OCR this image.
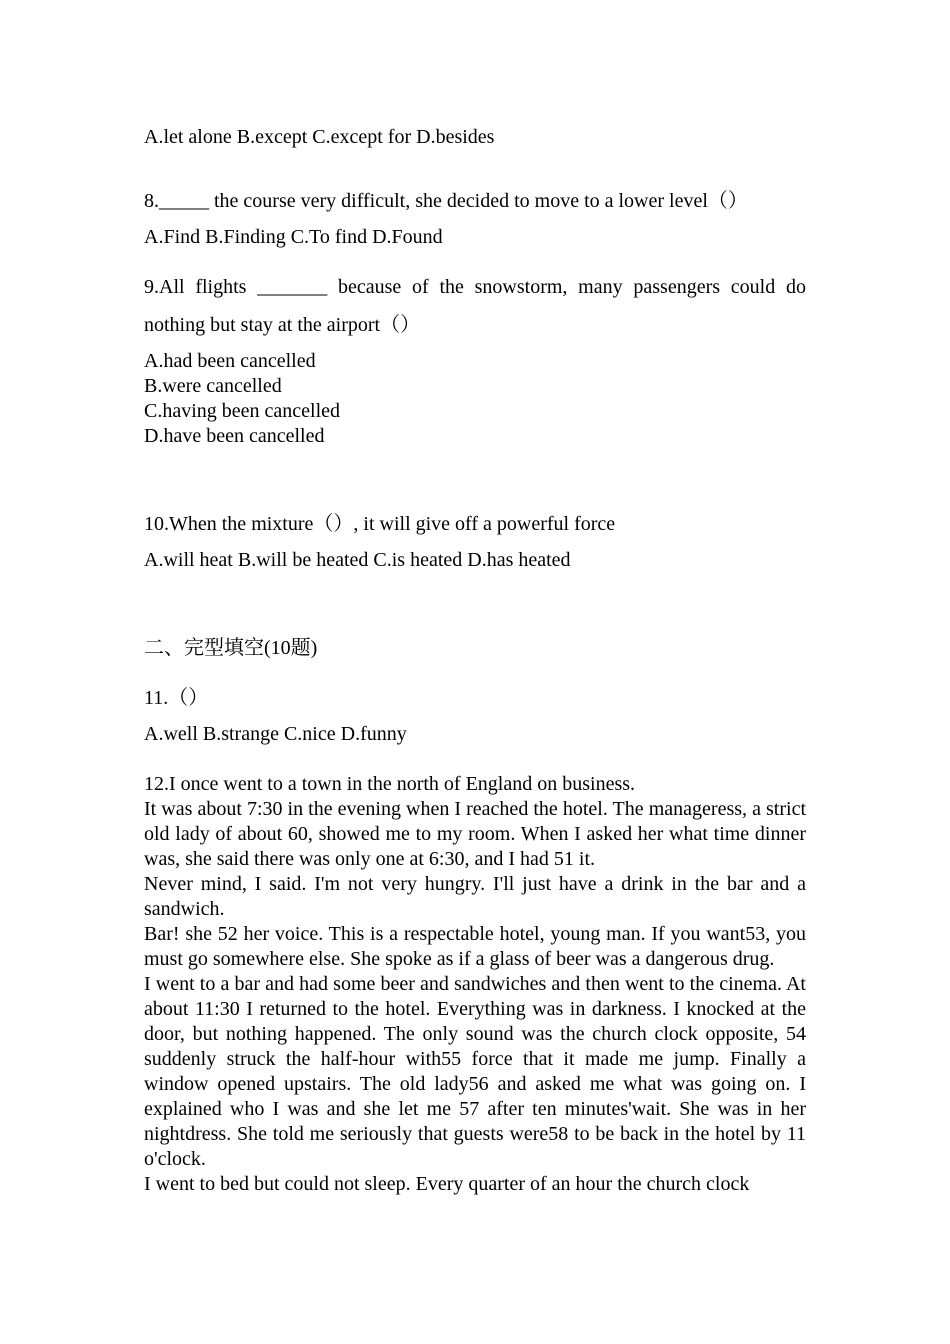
A.let alone B.except C.except for D.besides
8._____ the course very difficult, she decided to move to a lower level（）
A.Find B.Finding C.To find D.Found
9.All flights _______ because of the snowstorm, many passengers could do nothing but stay at the airport（）
A.had been cancelled
B.were cancelled
C.having been cancelled
D.have been cancelled
10.When the mixture（）, it will give off a powerful force
A.will heat B.will be heated C.is heated D.has heated
二、完型填空(10题)
11.（）
A.well B.strange C.nice D.funny
12.I once went to a town in the north of England on business.
It was about 7:30 in the evening when I reached the hotel. The manageress, a strict old lady of about 60, showed me to my room. When I asked her what time dinner was, she said there was only one at 6:30, and I had 51 it.
Never mind, I said. I'm not very hungry. I'll just have a drink in the bar and a sandwich.
Bar! she 52 her voice. This is a respectable hotel, young man. If you want53, you must go somewhere else. She spoke as if a glass of beer was a dangerous drug.
I went to a bar and had some beer and sandwiches and then went to the cinema. At about 11:30 I returned to the hotel. Everything was in darkness. I knocked at the door, but nothing happened. The only sound was the church clock opposite, 54 suddenly struck the half-hour with55 force that it made me jump. Finally a window opened upstairs. The old lady56 and asked me what was going on. I explained who I was and she let me 57 after ten minutes'wait. She was in her nightdress. She told me seriously that guests were58 to be back in the hotel by 11 o'clock.
I went to bed but could not sleep. Every quarter of an hour the church clock
